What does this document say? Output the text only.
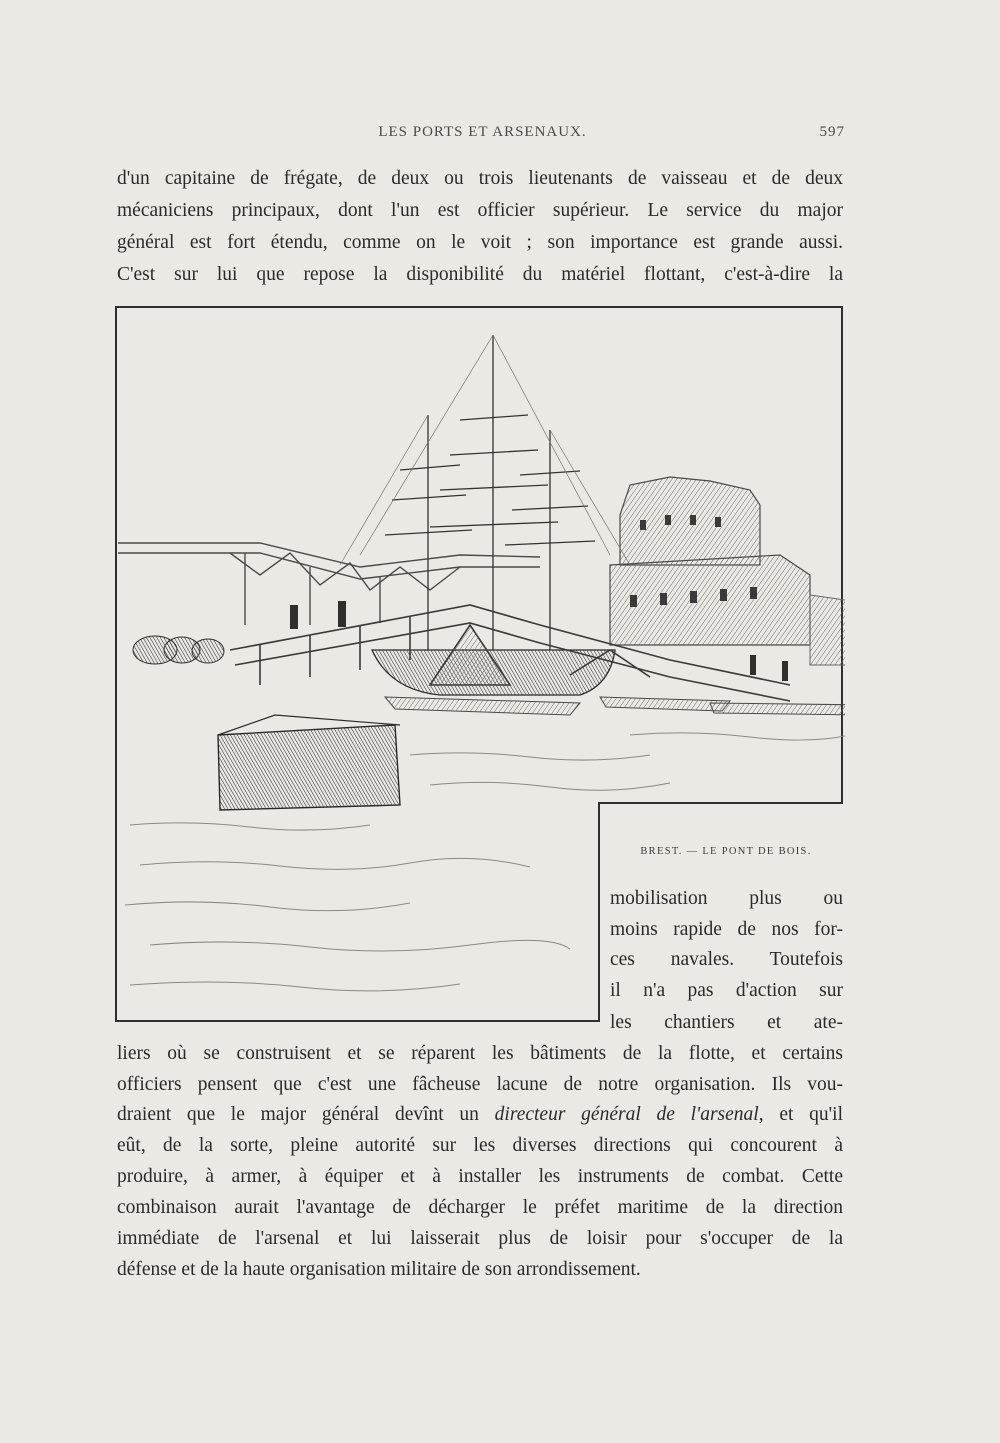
LES PORTS ET ARSENAUX.	597
d'un capitaine de frégate, de deux ou trois lieutenants de vaisseau et de deux
mécaniciens principaux, dont l'un est officier supérieur. Le service du major
général est fort étendu, comme on le voit ; son importance est grande aussi.
C'est sur lui que repose la disponibilité du matériel flottant, c'est-à-dire la
BREST. — LE PONT DE BOIS.
mobilisation plus ou
moins rapide de nos for-
ces navales. Toutefois
il n'a pas d'action sur
les chantiers et ate-
liers où se construisent et se réparent les bâtiments de la flotte, et certains
officiers pensent que c'est une fâcheuse lacune de notre organisation. Ils vou-
draient que le major général devînt un directeur général de l'arsenal, et qu'il
eût, de la sorte, pleine autorité sur les diverses directions qui concourent à
produire, à armer, à équiper et à installer les instruments de combat. Cette
combinaison aurait l'avantage de décharger le préfet maritime de la direction
immédiate de l'arsenal et lui laisserait plus de loisir pour s'occuper de la
défense et de la haute organisation militaire de son arrondissement.
